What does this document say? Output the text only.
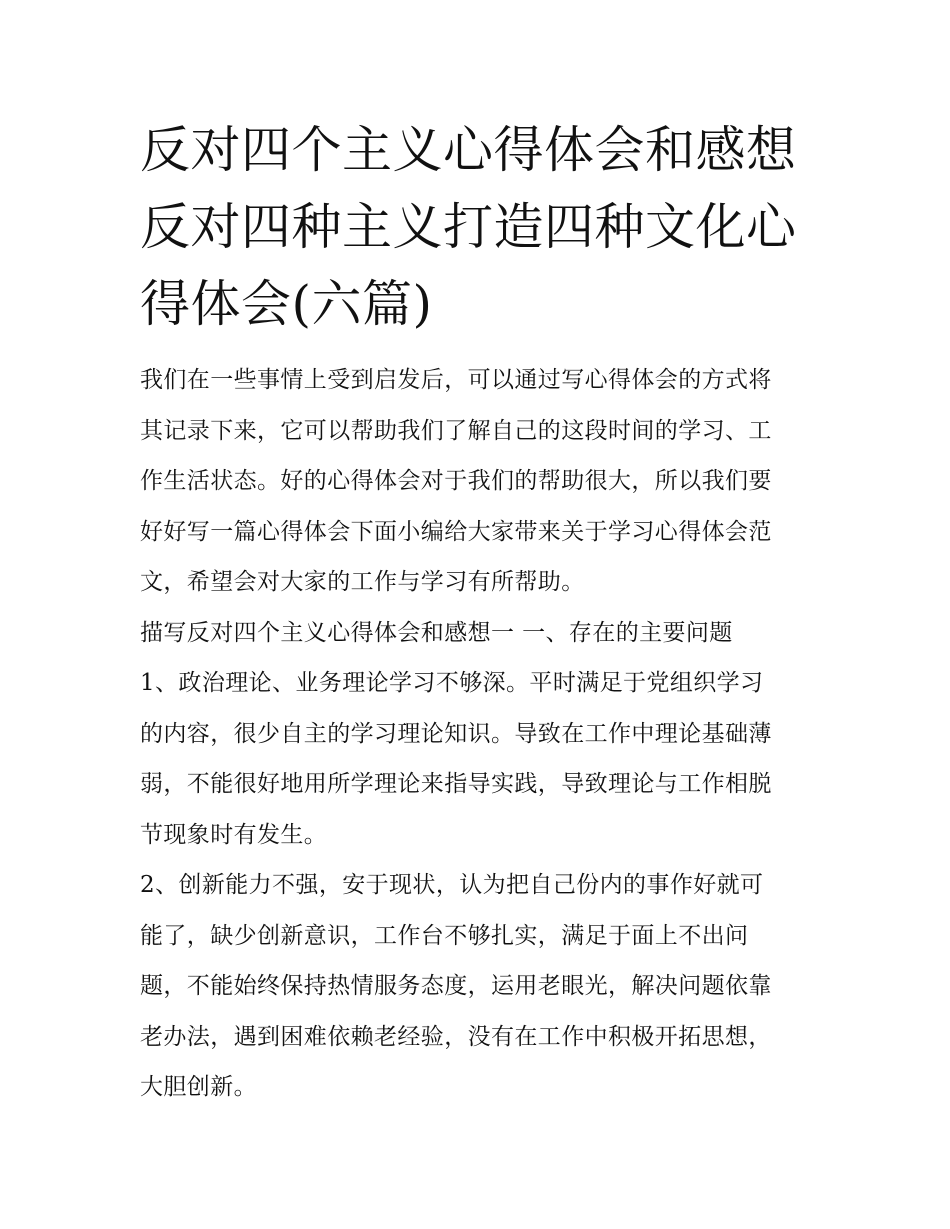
反对四个主义心得体会和感想
反对四种主义打造四种文化心
得体会(六篇)

我们在一些事情上受到启发后，可以通过写心得体会的方式将
其记录下来，它可以帮助我们了解自己的这段时间的学习、工
作生活状态。好的心得体会对于我们的帮助很大，所以我们要
好好写一篇心得体会下面小编给大家带来关于学习心得体会范
文，希望会对大家的工作与学习有所帮助。

描写反对四个主义心得体会和感想一 一、存在的主要问题

1、政治理论、业务理论学习不够深。平时满足于党组织学习
的内容，很少自主的学习理论知识。导致在工作中理论基础薄
弱，不能很好地用所学理论来指导实践，导致理论与工作相脱
节现象时有发生。

2、创新能力不强，安于现状，认为把自己份内的事作好就可
能了，缺少创新意识，工作台不够扎实，满足于面上不出问
题，不能始终保持热情服务态度，运用老眼光，解决问题依靠
老办法，遇到困难依赖老经验，没有在工作中积极开拓思想，
大胆创新。
